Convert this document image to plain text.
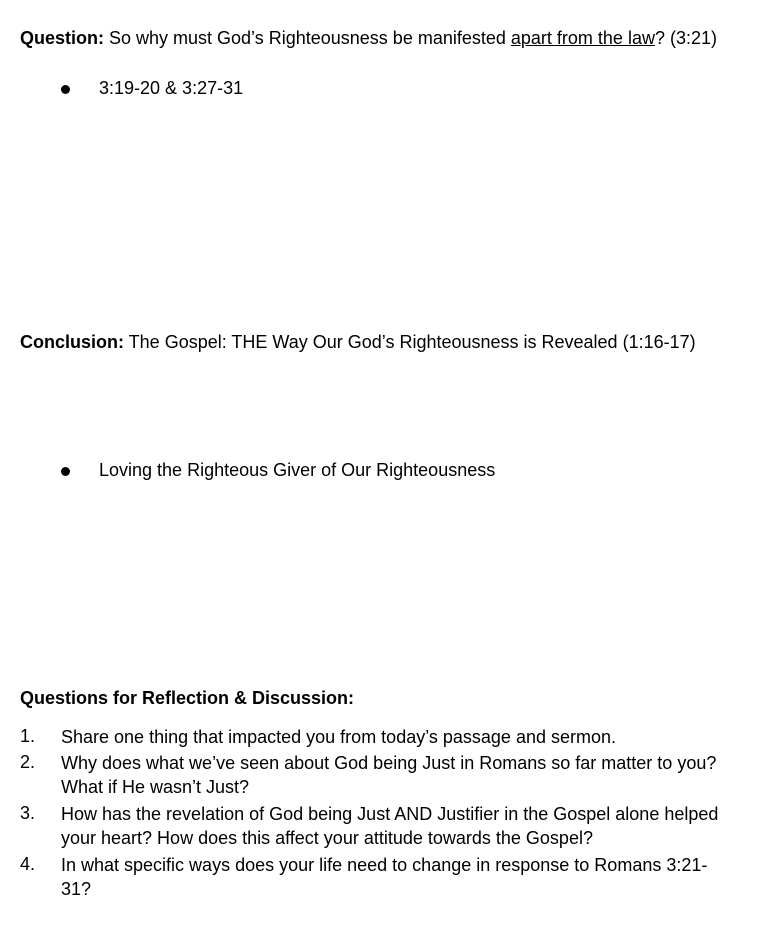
Question: So why must God’s Righteousness be manifested apart from the law? (3:21)
3:19-20 & 3:27-31
Conclusion: The Gospel: THE Way Our God’s Righteousness is Revealed (1:16-17)
Loving the Righteous Giver of Our Righteousness
Questions for Reflection & Discussion:
1. Share one thing that impacted you from today’s passage and sermon.
2. Why does what we’ve seen about God being Just in Romans so far matter to you?
What if He wasn’t Just?
3. How has the revelation of God being Just AND Justifier in the Gospel alone helped
your heart? How does this affect your attitude towards the Gospel?
4. In what specific ways does your life need to change in response to Romans 3:21-
31?
